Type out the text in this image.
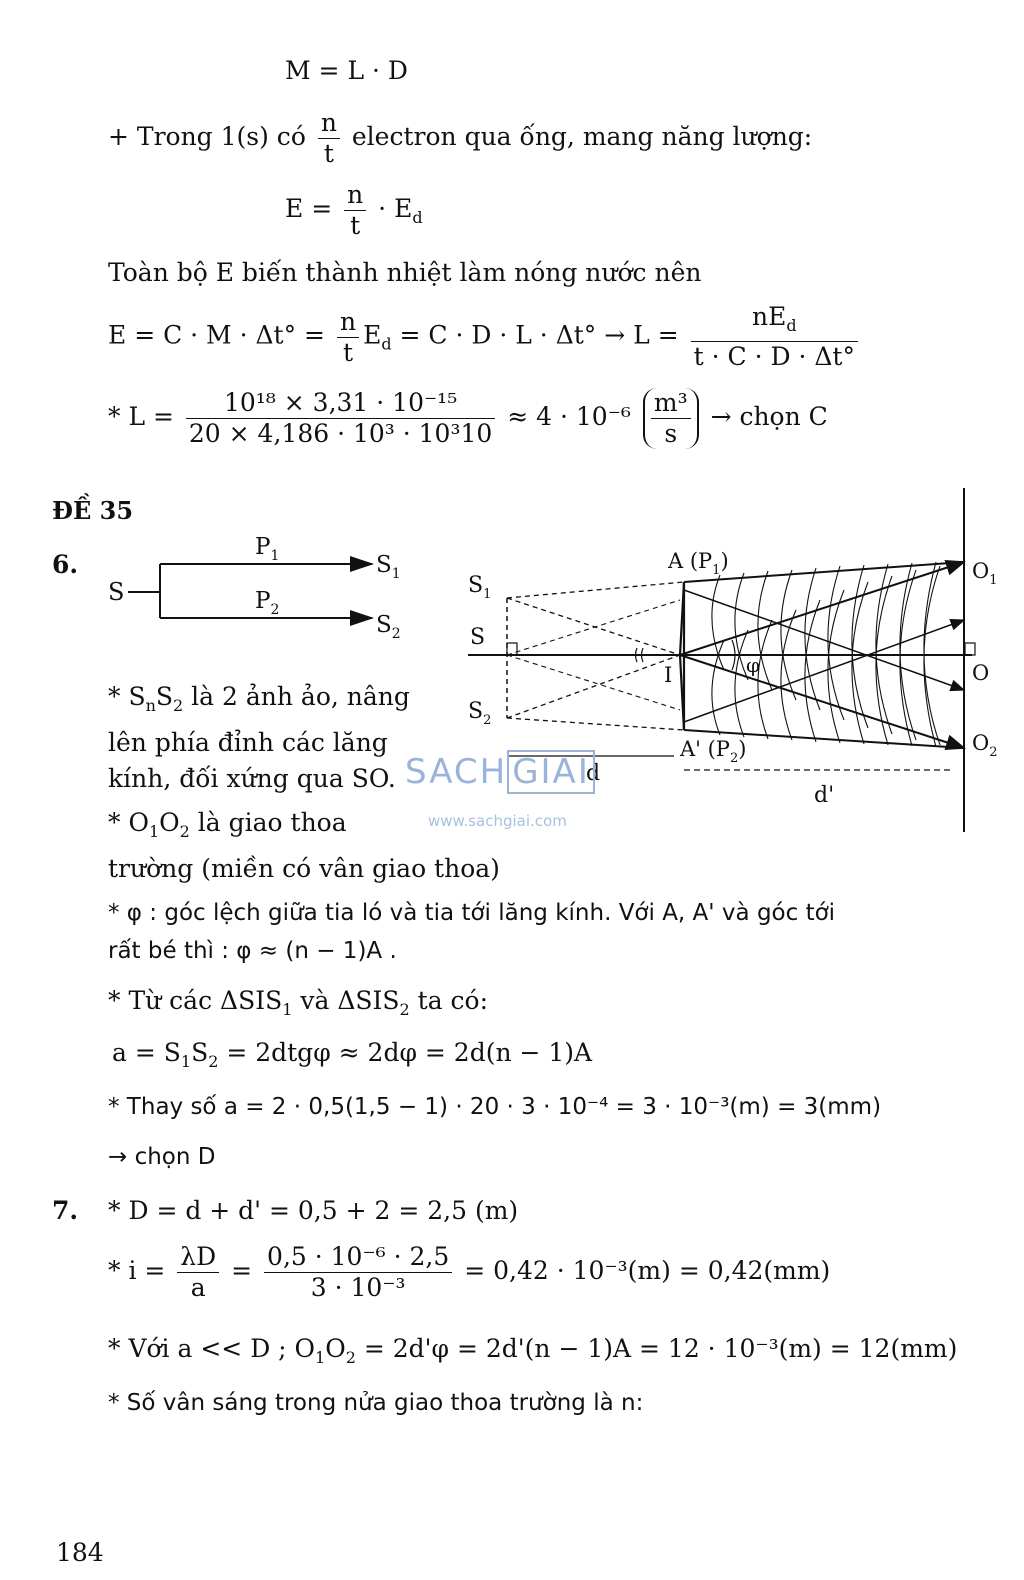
M = L · D
+ Trong 1(s) có $\frac{n}{t}$ electron qua ống, mang năng lượng:
$E = \frac{n}{t} \cdot E_d$
Toàn bộ E biến thành nhiệt làm nóng nước nên
$E = C \cdot M \cdot \Delta t^\circ = \frac{n}{t} E_d = C \cdot D \cdot L \cdot \Delta t^\circ \to L = \frac{nE_d}{t \cdot C \cdot D \cdot \Delta t^\circ}$
* $L = \frac{\text{10¹⁸ × 3,31 · 10⁻¹⁵}}{\text{20 × 4,186 · 10³ · 10³10}} \approx 4 \cdot 10^{-6} \frac{\text{m³}}{s}$ → chọn C
ĐỀ 35
6.
S
$P_1$
$P_2$
$S_1$
$S_2$
$S_1$
S
$S_2$
A $(P_1)$
A' $(P_2)$
I	φ
$O_1$
O
$O_2$
d
d'
SACH GIAI
www.sachgiai.com
* $S_nS_2$ là 2 ảnh ảo, nâng
lên phía đỉnh các lăng
kính, đối xứng qua SO.
* $O_1O_2$ là giao thoa
trường (miền có vân giao thoa)
* φ : góc lệch giữa tia ló và tia tới lăng kính. Với A, A' và góc tới
rất bé thì : φ ≈ (n − 1)A .
* Từ các $\Delta SIS_1$ và $\Delta SIS_2$ ta có:
$a = S_1S_2 = 2dtg\varphi \approx 2d\varphi = 2d(n - 1)A$
* Thay số a = 2 · 0,5(1,5 − 1) · 20 · 3 · 10⁻⁴ = 3 · 10⁻³(m) = 3(mm)
→ chọn D
7. * D = d + d' = 0,5 + 2 = 2,5 (m)
* $i = \frac{\lambda D}{a} = \frac{\text{0,5 · 10⁻⁶ · 2,5}}{\text{3 · 10⁻³}} = 0,42 \cdot 10^{-3}(m) = 0,42(mm)$
* Với a << D ; $O_1O_2 = 2d'\varphi = 2d'(n - 1)A = 12 \cdot 10^{-3}(m) = 12(mm)$
* Số vân sáng trong nửa giao thoa trường là n:
184
